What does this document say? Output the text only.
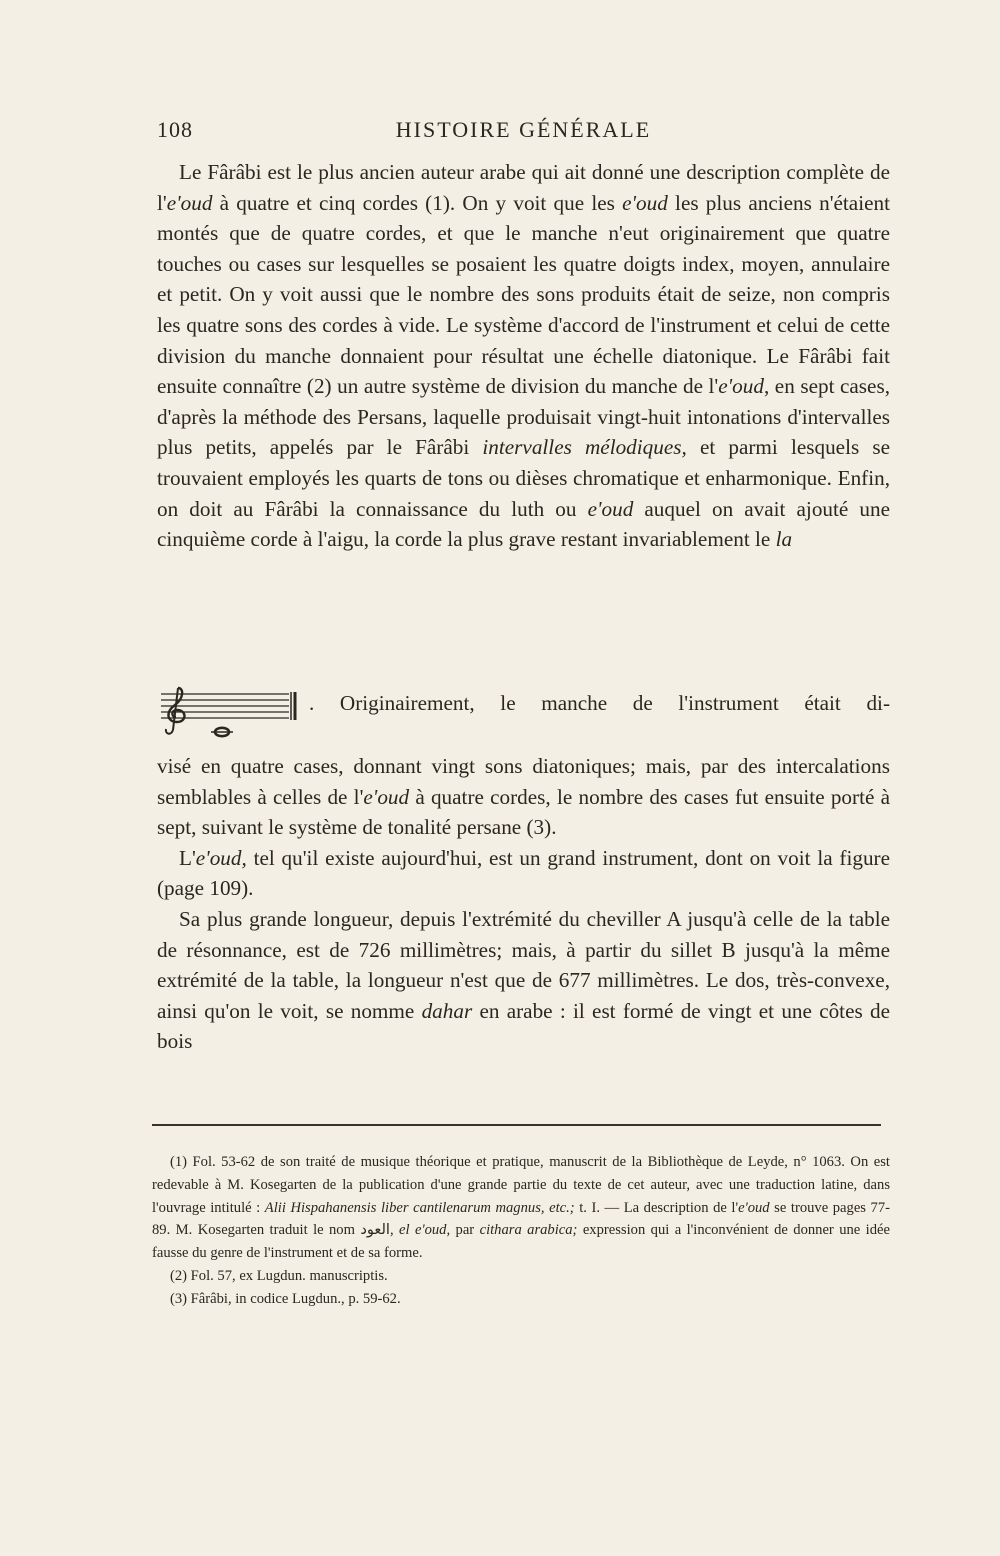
108	HISTOIRE GÉNÉRALE

Le Fârâbi est le plus ancien auteur arabe qui ait donné une description complète de l'e'oud à quatre et cinq cordes (1). On y voit que les e'oud les plus anciens n'étaient montés que de quatre cordes, et que le manche n'eut originairement que quatre touches ou cases sur lesquelles se posaient les quatre doigts index, moyen, annulaire et petit. On y voit aussi que le nombre des sons produits était de seize, non compris les quatre sons des cordes à vide. Le système d'accord de l'instrument et celui de cette division du manche donnaient pour résultat une échelle diatonique. Le Fârâbi fait ensuite connaître (2) un autre système de division du manche de l'e'oud, en sept cases, d'après la méthode des Persans, laquelle produisait vingt-huit intonations d'intervalles plus petits, appelés par le Fârâbi intervalles mélodiques, et parmi lesquels se trouvaient employés les quarts de tons ou dièses chromatique et enharmonique. Enfin, on doit au Fârâbi la connaissance du luth ou e'oud auquel on avait ajouté une cinquième corde à l'aigu, la corde la plus grave restant invariablement le la

. Originairement, le manche de l'instrument était di-

visé en quatre cases, donnant vingt sons diatoniques; mais, par des intercalations semblables à celles de l'e'oud à quatre cordes, le nombre des cases fut ensuite porté à sept, suivant le système de tonalité persane (3).

L'e'oud, tel qu'il existe aujourd'hui, est un grand instrument, dont on voit la figure (page 109).

Sa plus grande longueur, depuis l'extrémité du cheviller A jusqu'à celle de la table de résonnance, est de 726 millimètres; mais, à partir du sillet B jusqu'à la même extrémité de la table, la longueur n'est que de 677 millimètres. Le dos, très-convexe, ainsi qu'on le voit, se nomme dahar en arabe : il est formé de vingt et une côtes de bois

(1) Fol. 53-62 de son traité de musique théorique et pratique, manuscrit de la Bibliothèque de Leyde, n° 1063. On est redevable à M. Kosegarten de la publication d'une grande partie du texte de cet auteur, avec une traduction latine, dans l'ouvrage intitulé : Alii Hispahanensis liber cantilenarum magnus, etc.; t. I. — La description de l'e'oud se trouve pages 77-89. M. Kosegarten traduit le nom العود, el e'oud, par cithara arabica; expression qui a l'inconvénient de donner une idée fausse du genre de l'instrument et de sa forme.

(2) Fol. 57, ex Lugdun. manuscriptis.

(3) Fârâbi, in codice Lugdun., p. 59-62.
